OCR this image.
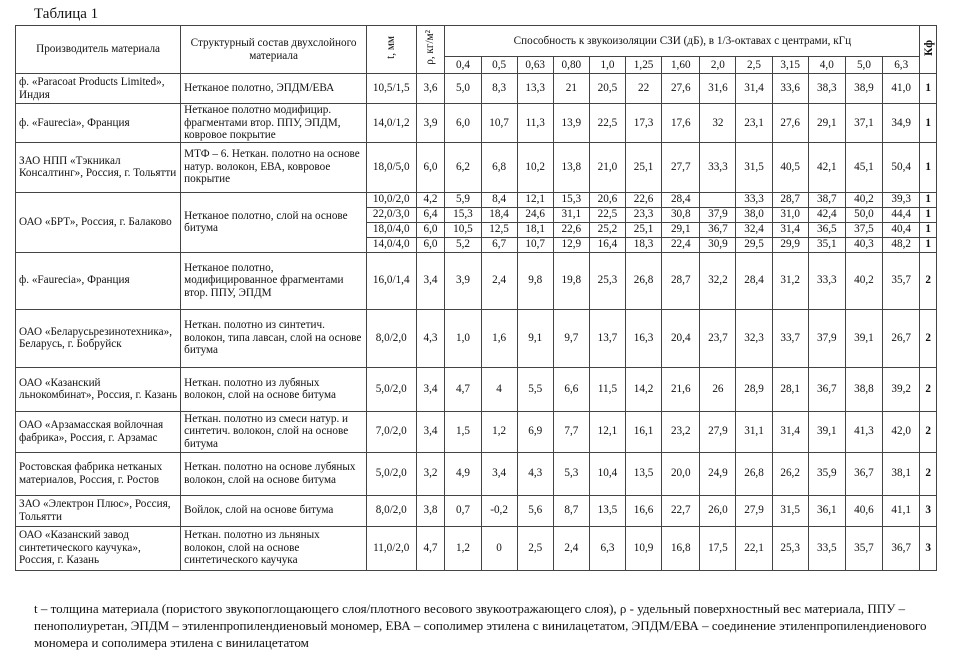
Таблица 1
Производитель материала	Структурный состав двухслойного материала	t, мм	ρ, кг/м²	Способность к звукоизоляции СЗИ (дБ), в 1/3-октавах с центрами, кГц													Кф
				0,4	0,5	0,63	0,80	1,0	1,25	1,60	2,0	2,5	3,15	4,0	5,0	6,3	
ф. «Paracoat Products Limited», Индия	Нетканое полотно, ЭПДМ/ЕВА	10,5/1,5	3,6	5,0	8,3	13,3	21	20,5	22	27,6	31,6	31,4	33,6	38,3	38,9	41,0	1
ф. «Faurecia», Франция	Нетканое полотно модифицир. фрагментами втор. ППУ, ЭПДМ, ковровое покрытие	14,0/1,2	3,9	6,0	10,7	11,3	13,9	22,5	17,3	17,6	32	23,1	27,6	29,1	37,1	34,9	1
ЗАО НПП «Тэкникал Консалтинг», Россия, г. Тольятти	МТФ – 6. Неткан. полотно на основе натур. волокон, ЕВА, ковровое покрытие	18,0/5,0	6,0	6,2	6,8	10,2	13,8	21,0	25,1	27,7	33,3	31,5	40,5	42,1	45,1	50,4	1
ОАО «БРТ», Россия, г. Балаково	Нетканое полотно, слой на основе битума	10,0/2,0	4,2	5,9	8,4	12,1	15,3	20,6	22,6	28,4		33,3	28,7	38,7	40,2	39,3	1
		22,0/3,0	6,4	15,3	18,4	24,6	31,1	22,5	23,3	30,8	37,9	38,0	31,0	42,4	50,0	44,4	1
		18,0/4,0	6,0	10,5	12,5	18,1	22,6	25,2	25,1	29,1	36,7	32,4	31,4	36,5	37,5	40,4	1
		14,0/4,0	6,0	5,2	6,7	10,7	12,9	16,4	18,3	22,4	30,9	29,5	29,9	35,1	40,3	48,2	1
ф. «Faurecia», Франция	Нетканое полотно, модифицированное фрагментами втор. ППУ, ЭПДМ	16,0/1,4	3,4	3,9	2,4	9,8	19,8	25,3	26,8	28,7	32,2	28,4	31,2	33,3	40,2	35,7	2
ОАО «Беларусьрезинотехника», Беларусь, г. Бобруйск	Неткан. полотно из синтетич. волокон, типа лавсан, слой на основе битума	8,0/2,0	4,3	1,0	1,6	9,1	9,7	13,7	16,3	20,4	23,7	32,3	33,7	37,9	39,1	26,7	2
ОАО «Казанский льнокомбинат», Россия, г. Казань	Неткан. полотно из лубяных волокон, слой на основе битума	5,0/2,0	3,4	4,7	4	5,5	6,6	11,5	14,2	21,6	26	28,9	28,1	36,7	38,8	39,2	2
ОАО «Арзамасская войлочная фабрика», Россия, г. Арзамас	Неткан. полотно из смеси натур. и синтетич. волокон, слой на основе битума	7,0/2,0	3,4	1,5	1,2	6,9	7,7	12,1	16,1	23,2	27,9	31,1	31,4	39,1	41,3	42,0	2
Ростовская фабрика нетканых материалов, Россия, г. Ростов	Неткан. полотно на основе лубяных волокон, слой на основе битума	5,0/2,0	3,2	4,9	3,4	4,3	5,3	10,4	13,5	20,0	24,9	26,8	26,2	35,9	36,7	38,1	2
ЗАО «Электрон Плюс», Россия, Тольятти	Войлок, слой на основе битума	8,0/2,0	3,8	0,7	-0,2	5,6	8,7	13,5	16,6	22,7	26,0	27,9	31,5	36,1	40,6	41,1	3
ОАО «Казанский завод синтетического каучука», Россия, г. Казань	Неткан. полотно из льняных волокон, слой на основе синтетического каучука	11,0/2,0	4,7	1,2	0	2,5	2,4	6,3	10,9	16,8	17,5	22,1	25,3	33,5	35,7	36,7	3
t – толщина материала (пористого звукопоглощающего слоя/плотного весового звукоотражающего слоя), ρ - удельный поверхностный вес материала, ППУ – пенополиуретан, ЭПДМ – этиленпропилендиеновый мономер, ЕВА – сополимер этилена с винилацетатом, ЭПДМ/ЕВА – соединение этиленпропилендиенового мономера и сополимера этилена с винилацетатом
